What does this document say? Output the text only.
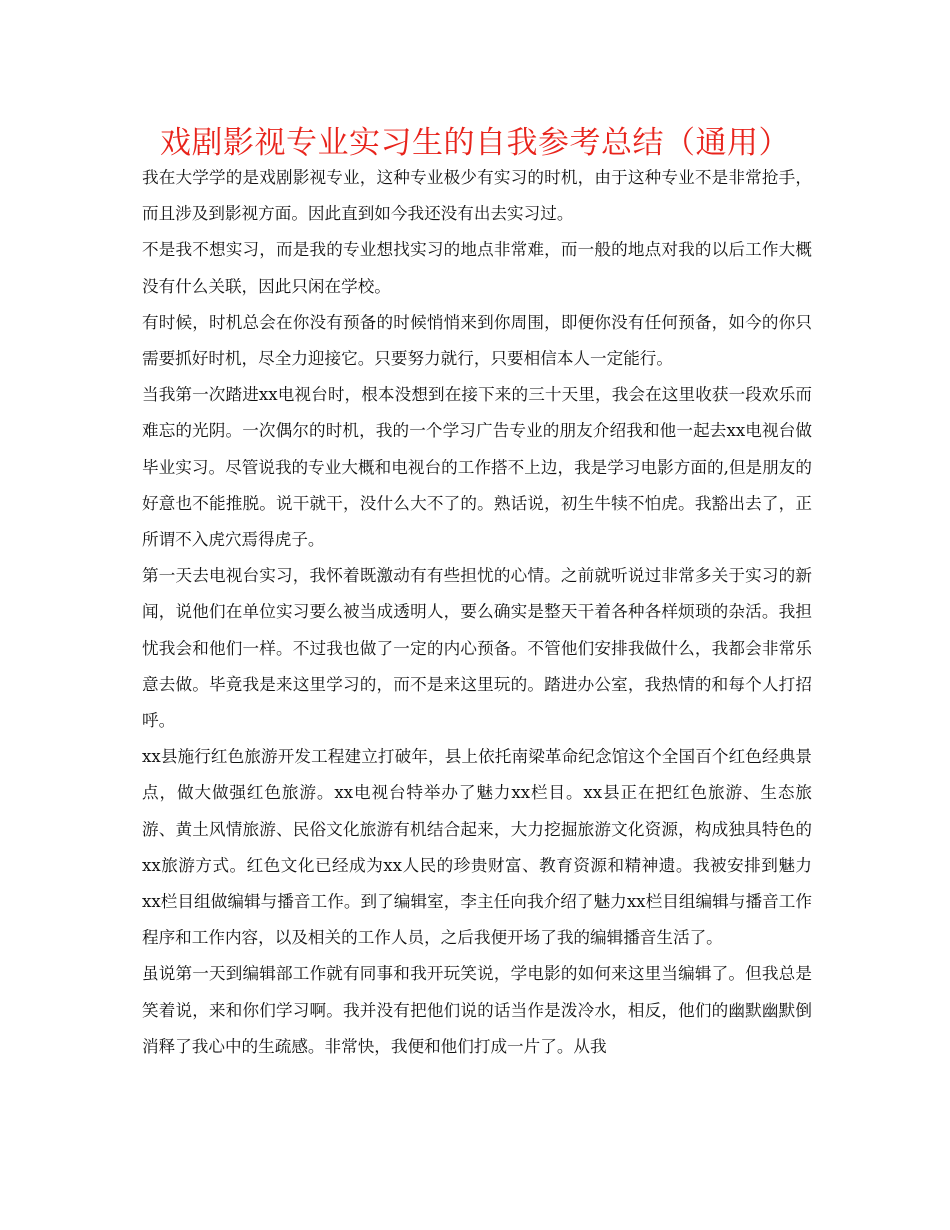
戏剧影视专业实习生的自我参考总结（通用）

我在大学学的是戏剧影视专业，这种专业极少有实习的时机，由于这种专业不是非常抢手，而且涉及到影视方面。因此直到如今我还没有出去实习过。

不是我不想实习，而是我的专业想找实习的地点非常难，而一般的地点对我的以后工作大概没有什么关联，因此只闲在学校。

有时候，时机总会在你没有预备的时候悄悄来到你周围，即便你没有任何预备，如今的你只需要抓好时机，尽全力迎接它。只要努力就行，只要相信本人一定能行。

当我第一次踏进xx电视台时，根本没想到在接下来的三十天里，我会在这里收获一段欢乐而难忘的光阴。一次偶尔的时机，我的一个学习广告专业的朋友介绍我和他一起去xx电视台做毕业实习。尽管说我的专业大概和电视台的工作搭不上边，我是学习电影方面的,但是朋友的好意也不能推脱。说干就干，没什么大不了的。熟话说，初生牛犊不怕虎。我豁出去了，正所谓不入虎穴焉得虎子。

第一天去电视台实习，我怀着既激动有有些担忧的心情。之前就听说过非常多关于实习的新闻，说他们在单位实习要么被当成透明人，要么确实是整天干着各种各样烦琐的杂活。我担忧我会和他们一样。不过我也做了一定的内心预备。不管他们安排我做什么，我都会非常乐意去做。毕竟我是来这里学习的，而不是来这里玩的。踏进办公室，我热情的和每个人打招呼。

xx县施行红色旅游开发工程建立打破年，县上依托南梁革命纪念馆这个全国百个红色经典景点，做大做强红色旅游。xx电视台特举办了魅力xx栏目。xx县正在把红色旅游、生态旅游、黄土风情旅游、民俗文化旅游有机结合起来，大力挖掘旅游文化资源，构成独具特色的xx旅游方式。红色文化已经成为xx人民的珍贵财富、教育资源和精神遗。我被安排到魅力xx栏目组做编辑与播音工作。到了编辑室，李主任向我介绍了魅力xx栏目组编辑与播音工作程序和工作内容，以及相关的工作人员，之后我便开场了我的编辑播音生活了。

虽说第一天到编辑部工作就有同事和我开玩笑说，学电影的如何来这里当编辑了。但我总是笑着说，来和你们学习啊。我并没有把他们说的话当作是泼冷水，相反，他们的幽默幽默倒消释了我心中的生疏感。非常快，我便和他们打成一片了。从我
